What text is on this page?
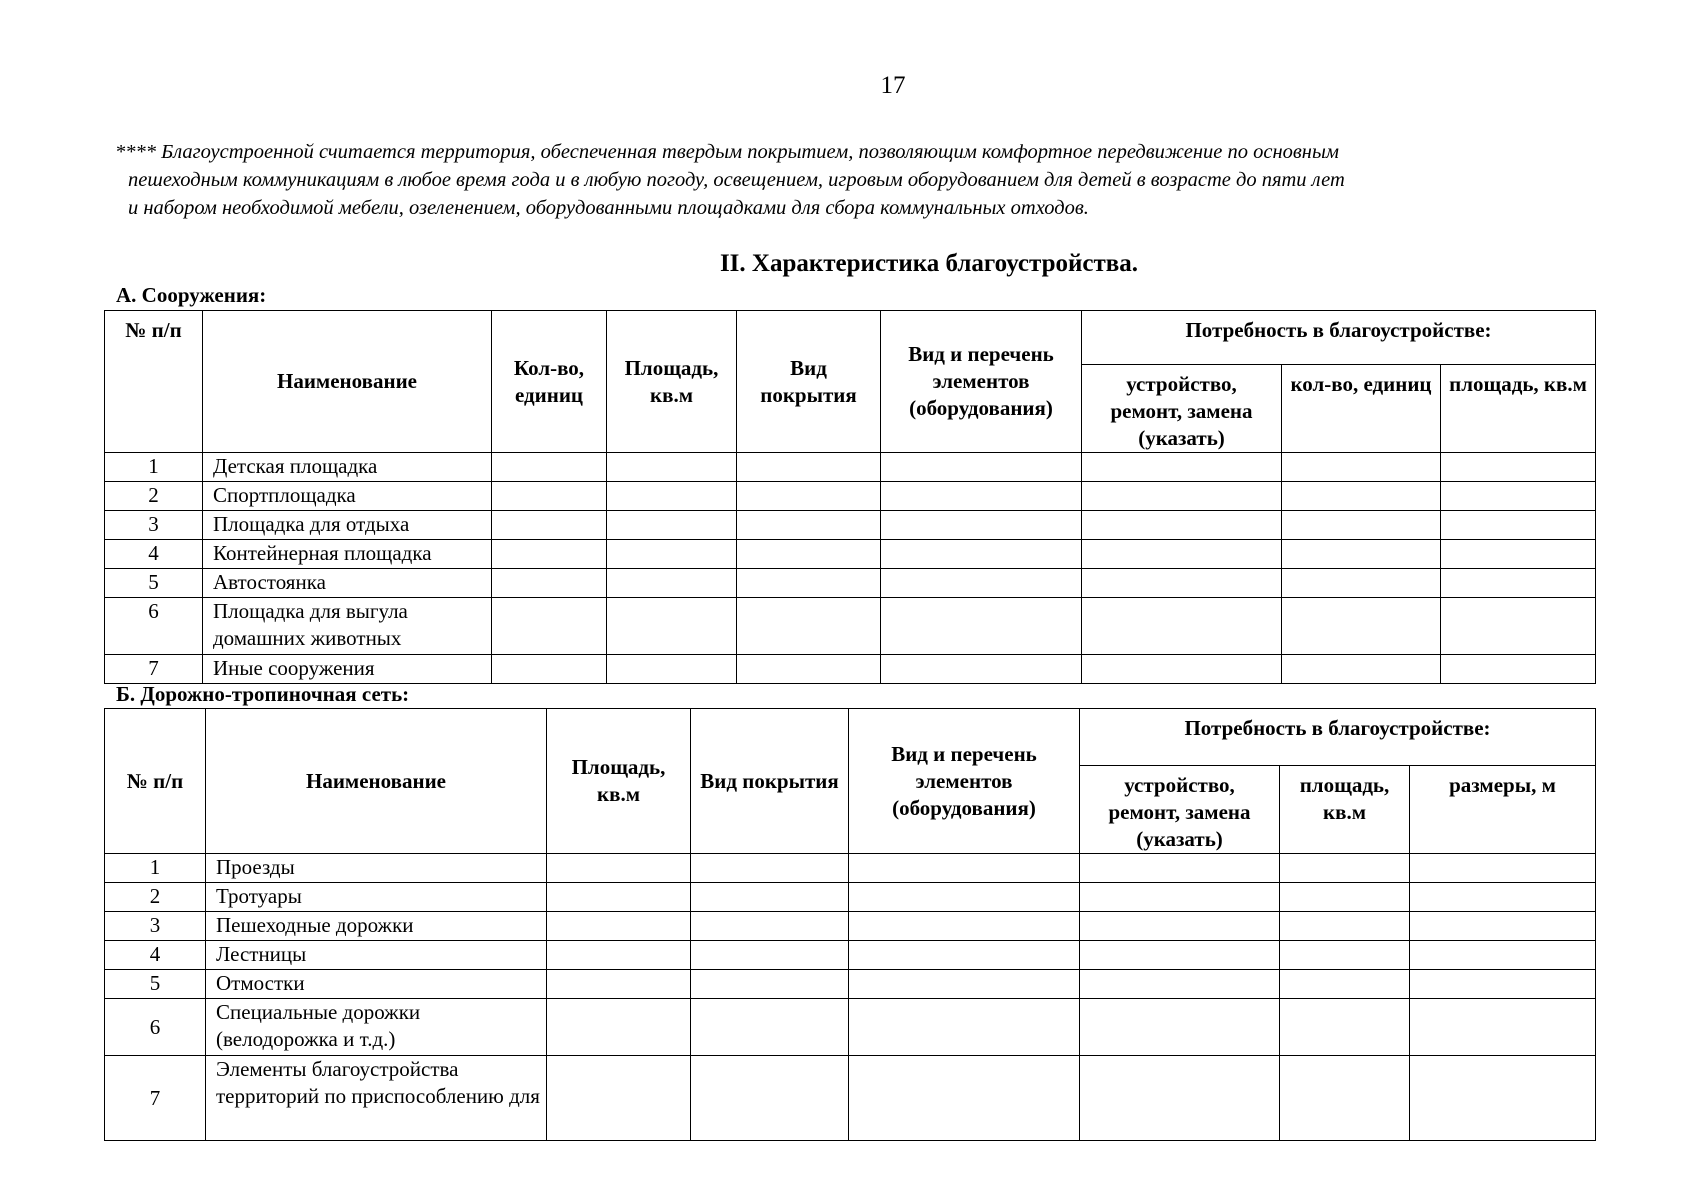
17
**** Благоустроенной считается территория, обеспеченная твердым покрытием, позволяющим комфортное передвижение по основным
пешеходным коммуникациям в любое время года и в любую погоду, освещением, игровым оборудованием для детей в возрасте до пяти лет
и набором необходимой мебели, озеленением, оборудованными площадками для сбора коммунальных отходов.
II. Характеристика благоустройства.
А. Сооружения:
№ п/п	Наименование	Кол-во, единиц	Площадь, кв.м	Вид покрытия	Вид и перечень элементов (оборудования)	Потребность в благоустройстве:		
						устройство, ремонт, замена (указать)	кол-во, единиц	площадь, кв.м
1	Детская площадка							
2	Спортплощадка							
3	Площадка для отдыха							
4	Контейнерная площадка							
5	Автостоянка							
6	Площадка для выгула домашних животных							
7	Иные сооружения							
Б. Дорожно-тропиночная сеть:
№ п/п	Наименование	Площадь, кв.м	Вид покрытия	Вид и перечень элементов (оборудования)	Потребность в благоустройстве:		
					устройство, ремонт, замена (указать)	площадь, кв.м	размеры, м
1	Проезды						
2	Тротуары						
3	Пешеходные дорожки						
4	Лестницы						
5	Отмостки						
6	Специальные дорожки (велодорожка и т.д.)						
7	Элементы благоустройства территорий по приспособлению для						
